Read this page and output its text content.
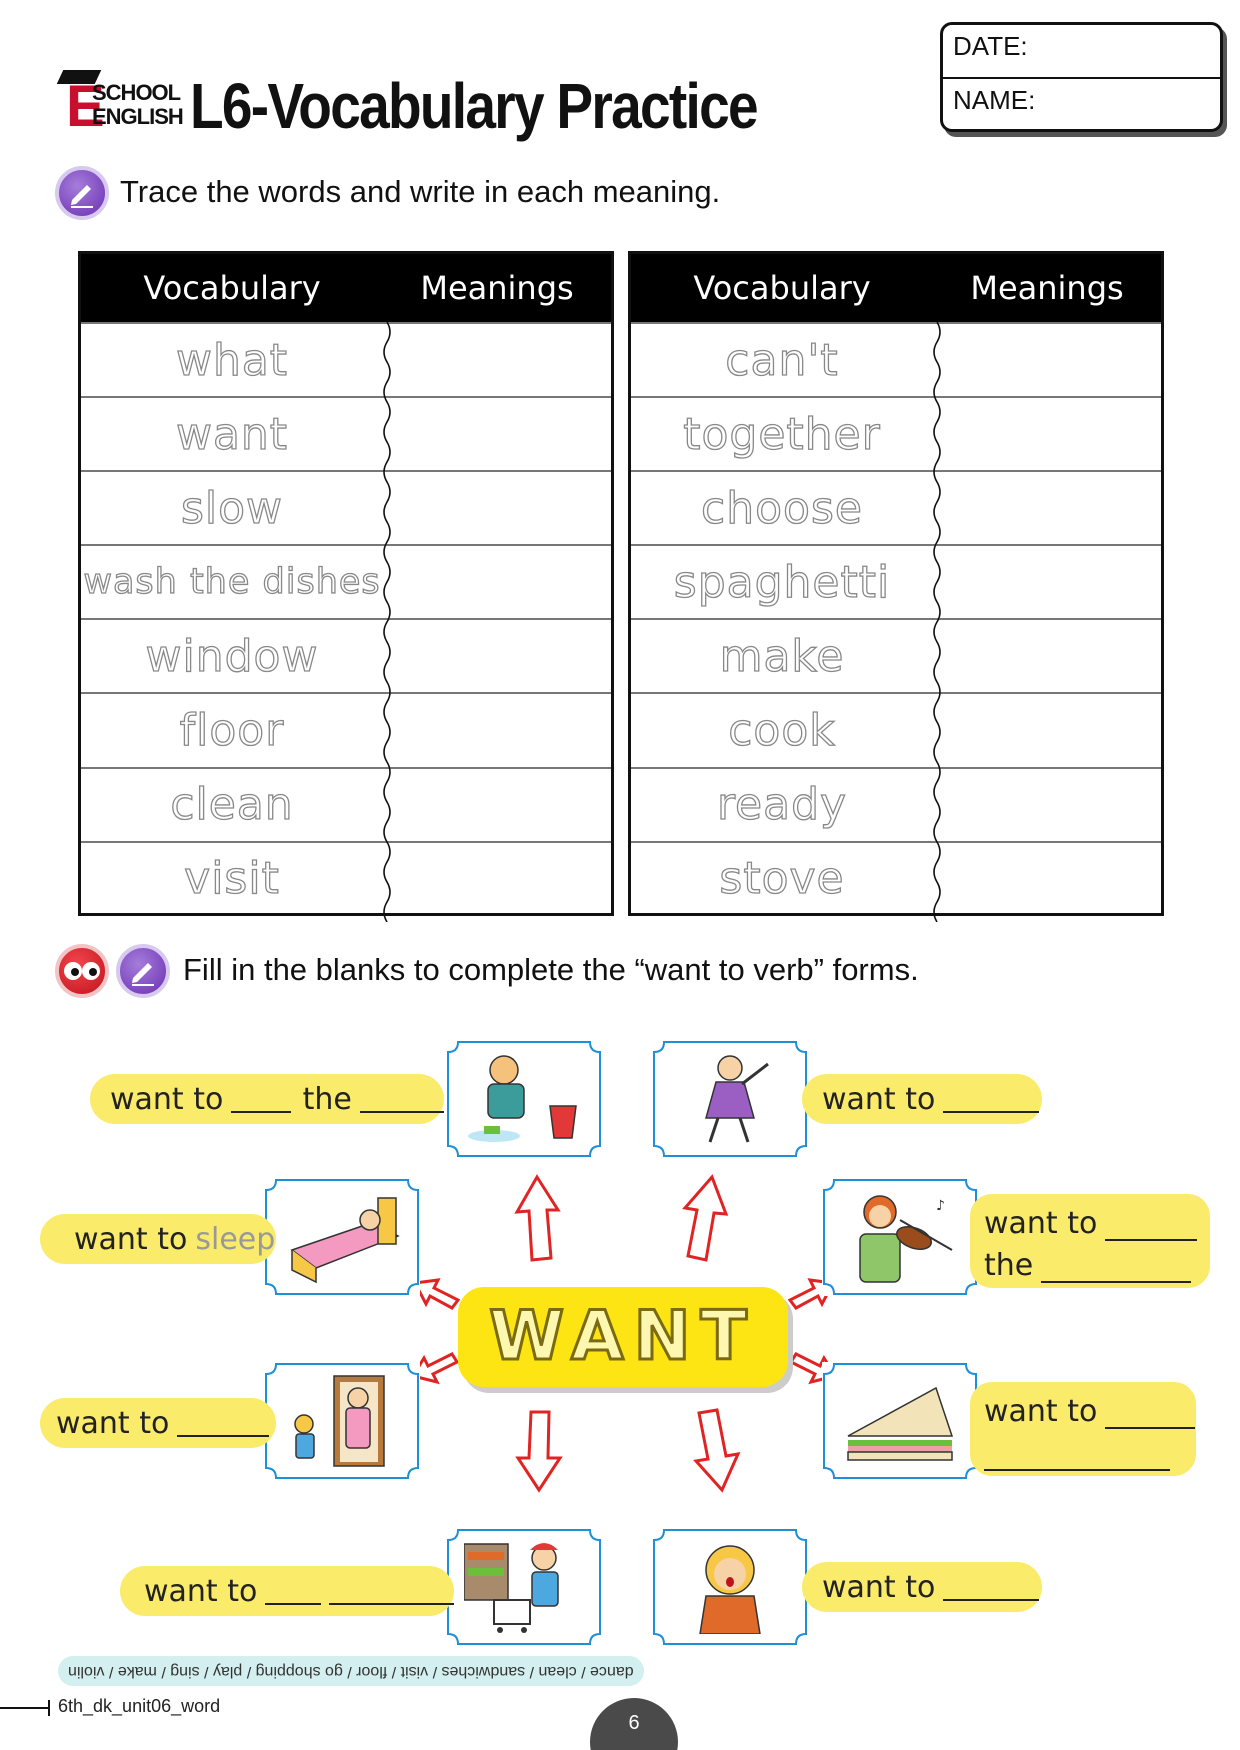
E
SCHOOL
ENGLISH L6-Vocabulary Practice
DATE:
NAME:
Trace the words and write in each meaning.
Vocabulary	Meanings
what
want
slow
wash the dishes
window
floor
clean
visit
Vocabulary	Meanings
can't
together
choose
spaghetti
make
cook
ready
stove
Fill in the blanks to complete the “want to verb” forms.
WANT
♪
want to	the	want to
want to sleep	want to
the
want to	want to
want to	want to
dance / clean / sandwiches / visit / floor / go shopping / play / sing / make / violin
6th_dk_unit06_word
6
